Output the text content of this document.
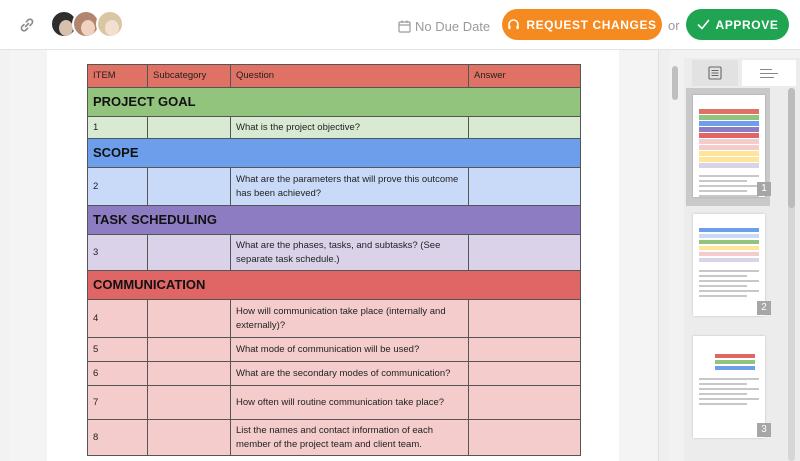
No Due Date	REQUEST CHANGES or	APPROVE
ITEM	Subcategory	Question	Answer
PROJECT GOAL			
1		What is the project objective?	
SCOPE			
2		What are the parameters that will prove this outcome has been achieved?	
TASK SCHEDULING			
3		What are the phases, tasks, and subtasks? (See separate task schedule.)	
COMMUNICATION			
4		How will communication take place (internally and externally)?	
5		What mode of communication will be used?	
6		What are the secondary modes of communication?	
7		How often will routine communication take place?	
8		List the names and contact information of each member of the project team and client team.	
1
2
3
